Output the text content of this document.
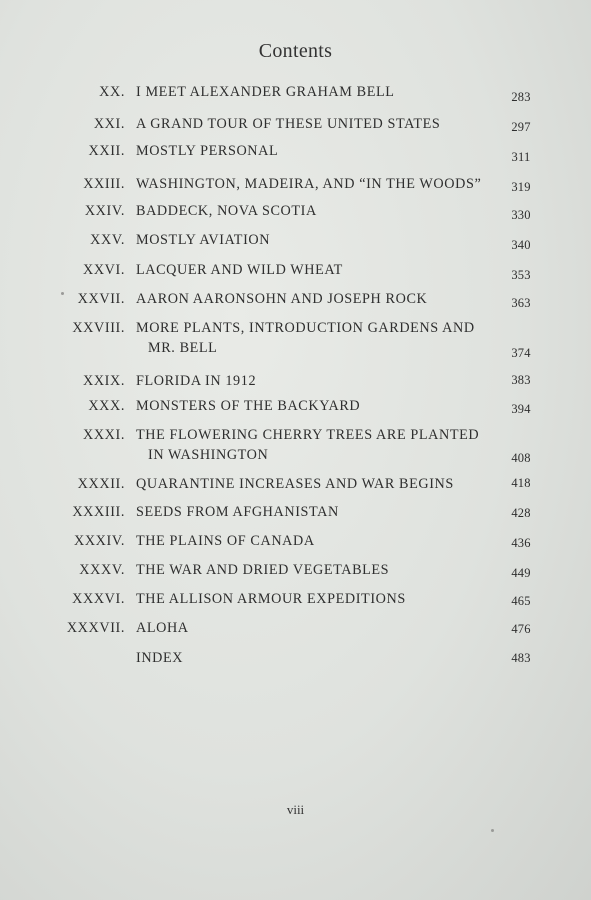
Contents
XX. I MEET ALEXANDER GRAHAM BELL	283
XXI. A GRAND TOUR OF THESE UNITED STATES	297
XXII. MOSTLY PERSONAL	311
XXIII. WASHINGTON, MADEIRA, AND “IN THE WOODS”	319
XXIV. BADDECK, NOVA SCOTIA	330
XXV. MOSTLY AVIATION	340
XXVI. LACQUER AND WILD WHEAT	353
XXVII. AARON AARONSOHN AND JOSEPH ROCK	363
XXVIII. MORE PLANTS, INTRODUCTION GARDENS AND
MR. BELL	374
XXIX. FLORIDA IN 1912	383
XXX. MONSTERS OF THE BACKYARD	394
XXXI. THE FLOWERING CHERRY TREES ARE PLANTED
IN WASHINGTON	408
XXXII. QUARANTINE INCREASES AND WAR BEGINS	418
XXXIII. SEEDS FROM AFGHANISTAN	428
XXXIV. THE PLAINS OF CANADA	436
XXXV. THE WAR AND DRIED VEGETABLES	449
XXXVI. THE ALLISON ARMOUR EXPEDITIONS	465
XXXVII. ALOHA	476
INDEX	483
viii
